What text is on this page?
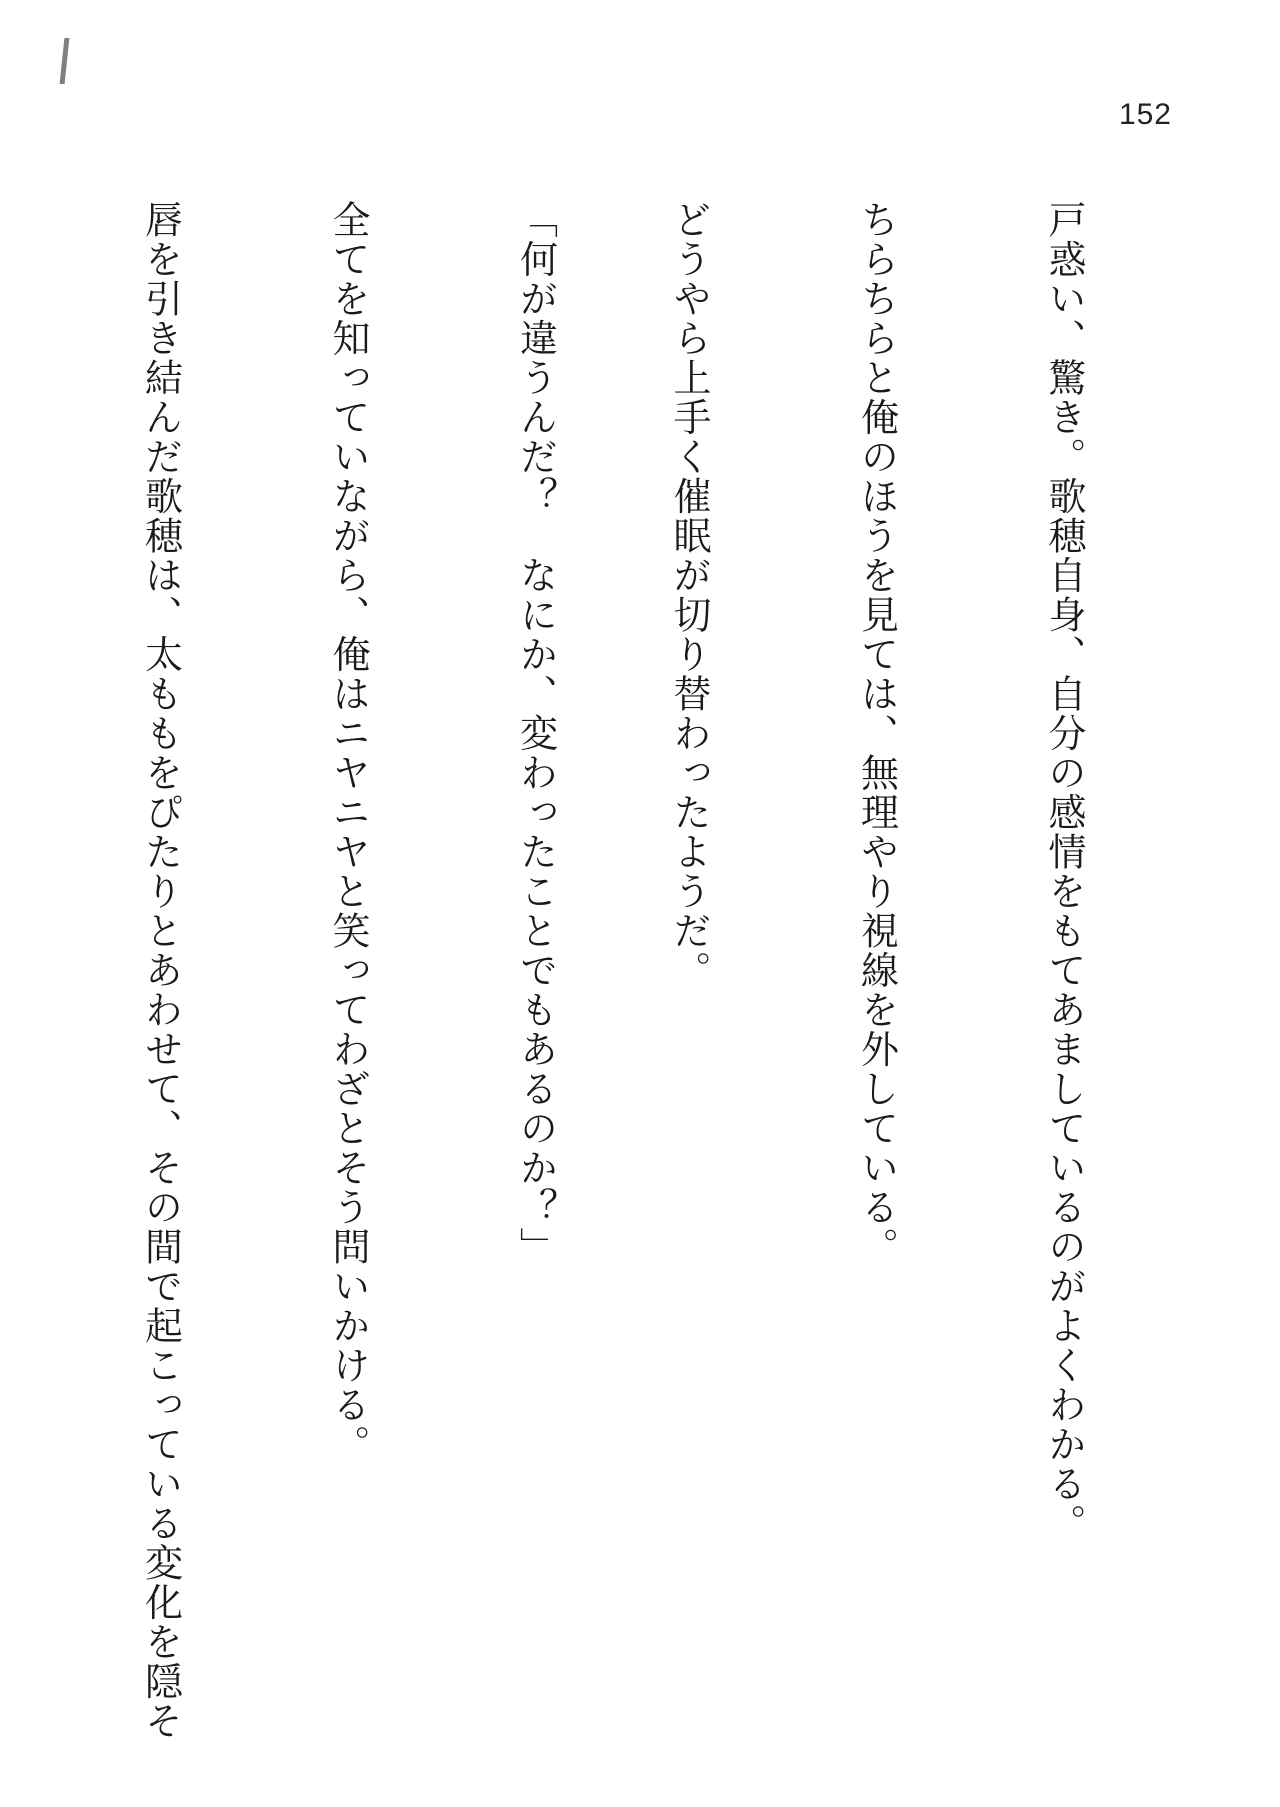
152

戸惑い、驚き。歌穂自身、自分の感情をもてあましているのがよくわかる。

ちらちらと俺のほうを見ては、無理やり視線を外している。

どうやら上手く催眠が切り替わったようだ。

「何が違うんだ？　なにか、変わったことでもあるのか？」

全てを知っていながら、俺はニヤニヤと笑ってわざとそう問いかける。

唇を引き結んだ歌穂は、太ももをぴたりとあわせて、その間で起こっている変化を隠そ
